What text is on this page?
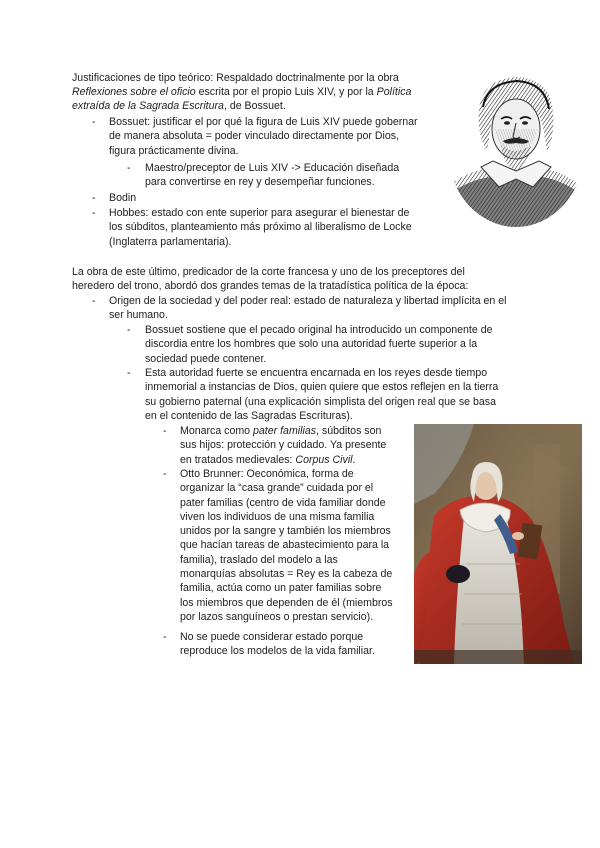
Justificaciones de tipo teórico: Respaldado doctrinalmente por la obra
Reflexiones sobre el oficio escrita por el propio Luis XIV, y por la Política
extraída de la Sagrada Escritura, de Bossuet.
- Bossuet: justificar el por qué la figura de Luis XIV puede gobernar
de manera absoluta = poder vinculado directamente por Dios,
figura prácticamente divina.
- Maestro/preceptor de Luis XIV -> Educación diseñada
para convertirse en rey y desempeñar funciones.
- Bodin
- Hobbes: estado con ente superior para asegurar el bienestar de
los súbditos, planteamiento más próximo al liberalismo de Locke
(Inglaterra parlamentaria).
La obra de este último, predicador de la corte francesa y uno de los preceptores del
heredero del trono, abordó dos grandes temas de la tratadística política de la época:
- Origen de la sociedad y del poder real: estado de naturaleza y libertad implícita en el
ser humano.
- Bossuet sostiene que el pecado original ha introducido un componente de
discordia entre los hombres que solo una autoridad fuerte superior a la
sociedad puede contener.
- Esta autoridad fuerte se encuentra encarnada en los reyes desde tiempo
inmemorial a instancias de Dios, quien quiere que estos reflejen en la tierra
su gobierno paternal (una explicación simplista del origen real que se basa
en el contenido de las Sagradas Escrituras).
- Monarca como pater familias, súbditos son
sus hijos: protección y cuidado. Ya presente
en tratados medievales: Corpus Civil.
- Otto Brunner: Oeconómica, forma de
organizar la “casa grande” cuidada por el
pater familias (centro de vida familiar donde
viven los individuos de una misma familia
unidos por la sangre y también los miembros
que hacían tareas de abastecimiento para la
familia), traslado del modelo a las
monarquías absolutas = Rey es la cabeza de
familia, actúa como un pater familias sobre
los miembros que dependen de él (miembros
por lazos sanguíneos o prestan servicio).
- No se puede considerar estado porque
reproduce los modelos de la vida familiar.
